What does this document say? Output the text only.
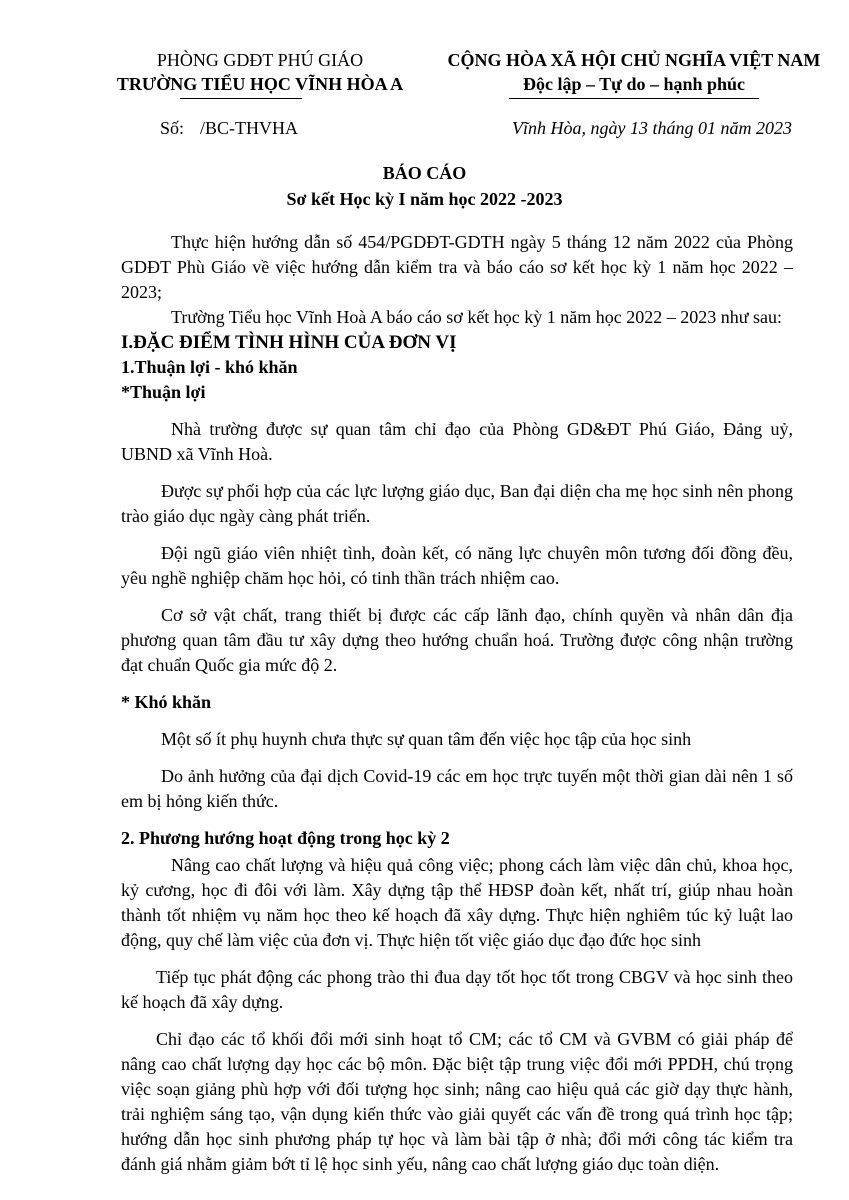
PHÒNG GDĐT PHÚ GIÁO
TRƯỜNG TIỂU HỌC VĨNH HÒA A
CỘNG HÒA XÃ HỘI CHỦ NGHĨA VIỆT NAM
Độc lập – Tự do – hạnh phúc
Số: /BC-THVHA	Vĩnh Hòa, ngày 13 tháng 01 năm 2023
BÁO CÁO
Sơ kết Học kỳ I năm học 2022 -2023

Thực hiện hướng dẫn số 454/PGDĐT-GDTH ngày 5 tháng 12 năm 2022 của Phòng GDĐT Phù Giáo về việc hướng dẫn kiểm tra và báo cáo sơ kết học kỳ 1 năm học 2022 – 2023;

Trường Tiểu học Vĩnh Hoà A báo cáo sơ kết học kỳ 1 năm học 2022 – 2023 như sau:

I.ĐẶC ĐIỂM TÌNH HÌNH CỦA ĐƠN VỊ

1.Thuận lợi - khó khăn

*Thuận lợi

Nhà trường được sự quan tâm chỉ đạo của Phòng GD&ĐT Phú Giáo, Đảng uỷ, UBND xã Vĩnh Hoà.

Được sự phối hợp của các lực lượng giáo dục, Ban đại diện cha mẹ học sinh nên phong trào giáo dục ngày càng phát triển.

Đội ngũ giáo viên nhiệt tình, đoàn kết, có năng lực chuyên môn tương đối đồng đều, yêu nghề nghiệp chăm học hỏi, có tinh thần trách nhiệm cao.

Cơ sở vật chất, trang thiết bị được các cấp lãnh đạo, chính quyền và nhân dân địa phương quan tâm đầu tư xây dựng theo hướng chuẩn hoá. Trường được công nhận trường đạt chuẩn Quốc gia mức độ 2.

* Khó khăn

Một số ít phụ huynh chưa thực sự quan tâm đến việc học tập của học sinh

Do ảnh hưởng của đại dịch Covid-19 các em học trực tuyến một thời gian dài nên 1 số em bị hỏng kiến thức.

2. Phương hướng hoạt động trong học kỳ 2

Nâng cao chất lượng và hiệu quả công việc; phong cách làm việc dân chủ, khoa học, kỷ cương, học đi đôi với làm. Xây dựng tập thể HĐSP đoàn kết, nhất trí, giúp nhau hoàn thành tốt nhiệm vụ năm học theo kế hoạch đã xây dựng. Thực hiện nghiêm túc kỷ luật lao động, quy chế làm việc của đơn vị. Thực hiện tốt việc giáo dục đạo đức học sinh

Tiếp tục phát động các phong trào thi đua dạy tốt học tốt trong CBGV và học sinh theo kế hoạch đã xây dựng.

Chỉ đạo các tổ khối đổi mới sinh hoạt tổ CM; các tổ CM và GVBM có giải pháp để nâng cao chất lượng dạy học các bộ môn. Đặc biệt tập trung việc đổi mới PPDH, chú trọng việc soạn giảng phù hợp với đối tượng học sinh; nâng cao hiệu quả các giờ dạy thực hành, trải nghiệm sáng tạo, vận dụng kiến thức vào giải quyết các vấn đề trong quá trình học tập; hướng dẫn học sinh phương pháp tự học và làm bài tập ở nhà; đổi mới công tác kiểm tra đánh giá nhằm giảm bớt tỉ lệ học sinh yếu, nâng cao chất lượng giáo dục toàn diện.
